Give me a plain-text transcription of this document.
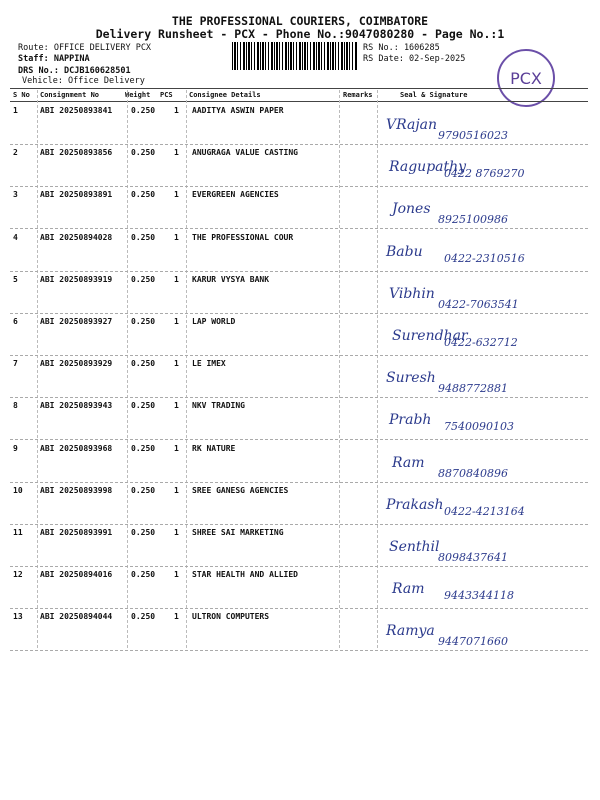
THE PROFESSIONAL COURIERS, COIMBATORE
Delivery Runsheet - PCX - Phone No.:9047080280 - Page No.:1
Route: OFFICE DELIVERY PCX
Staff: NAPPINA
DRS No.: DCJB160628501
Vehicle: Office Delivery
RS No.: 1606285
RS Date: 02-Sep-2025
PCX
S No Consignment No	Weight PCS Consignee Details	Remarks	Seal & Signature
1	ABI 20250893841	0.250 1 AADITYA ASWIN PAPER
VRajan
9790516023
2	ABI 20250893856	0.250 1 ANUGRAGA VALUE CASTING
Ragupathy
0422 8769270
3	ABI 20250893891	0.250 1 EVERGREEN AGENCIES
Jones
8925100986
4	ABI 20250894028	0.250 1 THE PROFESSIONAL COUR
Babu 0422-2310516
5	ABI 20250893919	0.250 1 KARUR VYSYA BANK
Vibhin
0422-7063541
6	ABI 20250893927	0.250 1 LAP WORLD
Surendhar
0422-632712
7	ABI 20250893929	0.250 1 LE IMEX
Suresh
9488772881
8	ABI 20250893943	0.250 1 NKV TRADING
Prabh 7540090103
9	ABI 20250893968	0.250 1 RK NATURE
Ram
8870840896
10 ABI 20250893998	0.250 1 SREE GANESG AGENCIES
Prakash 0422-4213164
11 ABI 20250893991	0.250 1 SHREE SAI MARKETING
Senthil
8098437641
12 ABI 20250894016	0.250 1 STAR HEALTH AND ALLIED
Ram 9443344118
13 ABI 20250894044	0.250 1 ULTRON COMPUTERS
Ramya
9447071660
